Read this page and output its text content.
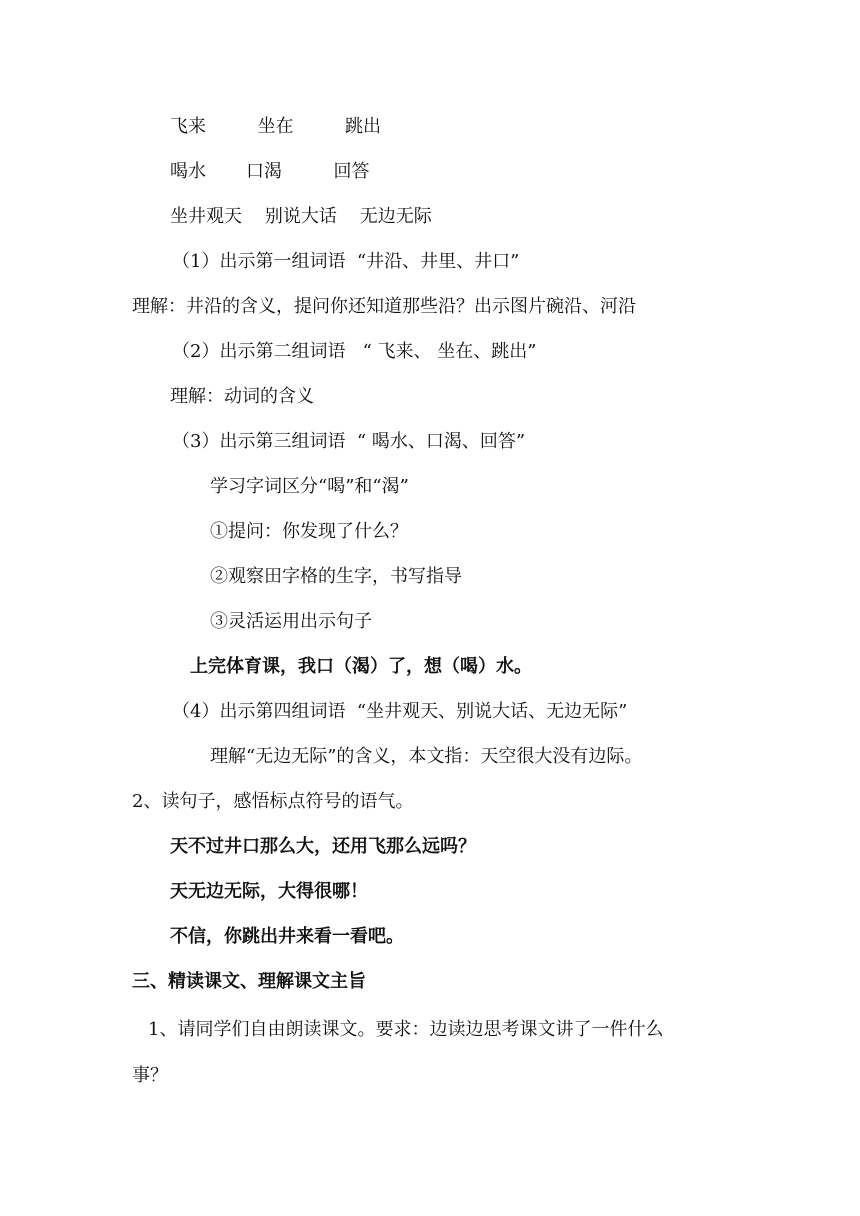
飞来         坐在         跳出

喝水       口渴         回答

坐井观天    别说大话    无边无际

（1）出示第一组词语  “井沿、井里、井口”

理解：井沿的含义，提问你还知道那些沿？出示图片碗沿、河沿

（2）出示第二组词语   “ 飞来、 坐在、跳出”

理解：动词的含义

（3）出示第三组词语  “ 喝水、口渴、回答”

学习字词区分“喝”和“渴”

①提问：你发现了什么？

②观察田字格的生字，书写指导

③灵活运用出示句子

上完体育课，我口（渴）了，想（喝）水。

（4）出示第四组词语  “坐井观天、别说大话、无边无际”

理解“无边无际”的含义，本文指：天空很大没有边际。

2、读句子，感悟标点符号的语气。

天不过井口那么大，还用飞那么远吗？

天无边无际，大得很哪！

不信，你跳出井来看一看吧。

三、精读课文、理解课文主旨

1、请同学们自由朗读课文。要求：边读边思考课文讲了一件什么

事？
